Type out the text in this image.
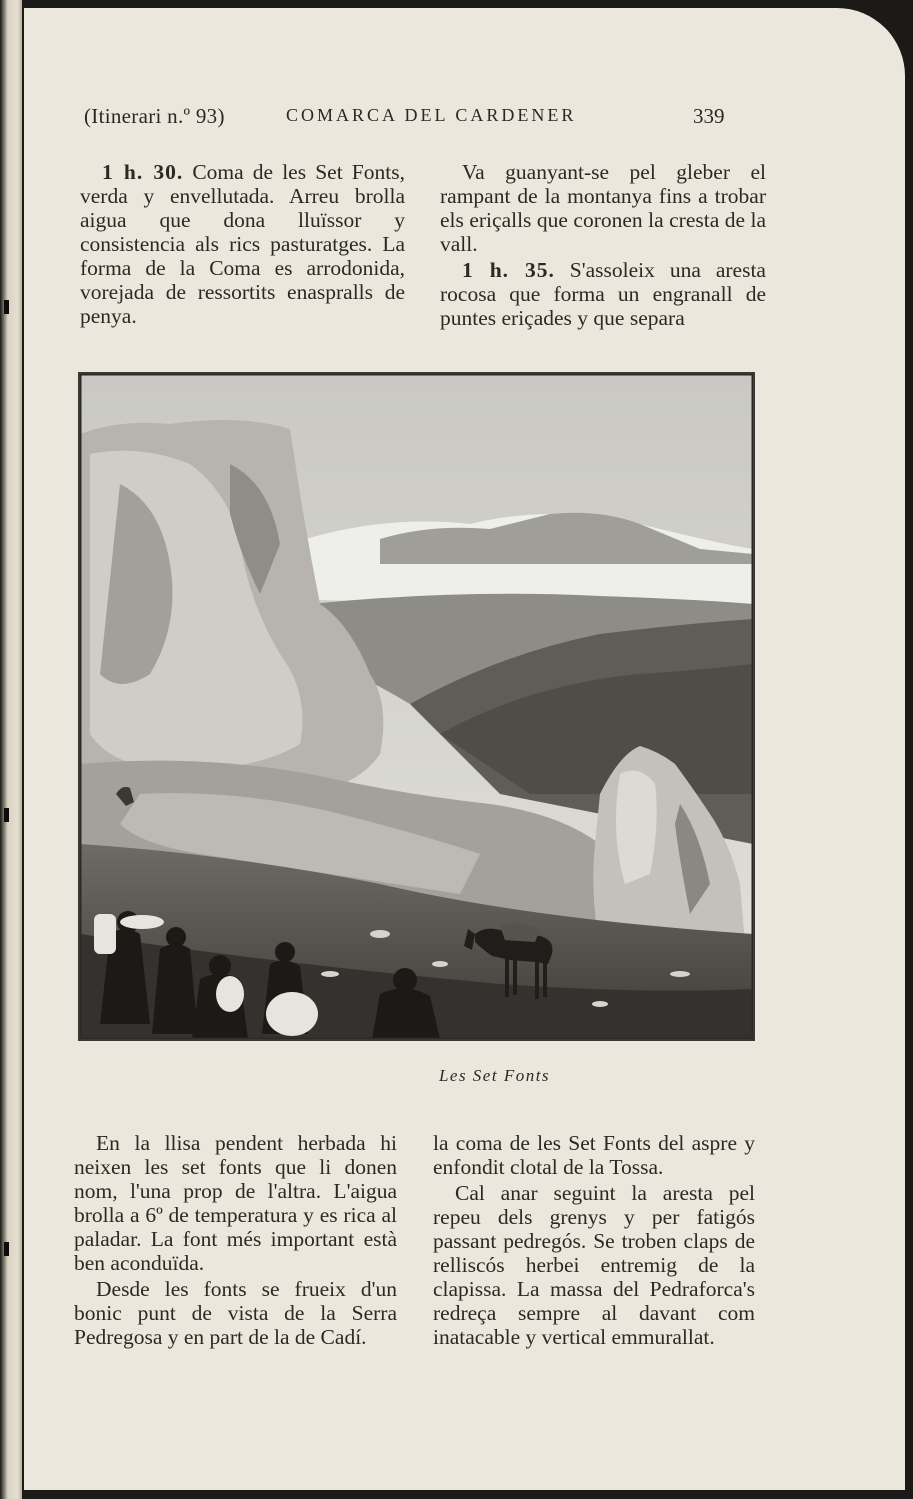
(Itinerari n.º 93)	COMARCA DEL CARDENER	339

1 h. 30. Coma de les Set Fonts, verda y envellutada. Arreu brolla aigua que dona lluïssor y consistencia als rics pasturatges. La forma de la Coma es arrodonida, vorejada de ressortits enaspralls de penya.

Va guanyant-se pel gleber el rampant de la montanya fins a trobar els eriçalls que coronen la cresta de la vall.

1 h. 35. S'assoleix una aresta rocosa que forma un engranall de puntes eriçades y que separa

Les Set Fonts

En la llisa pendent herbada hi neixen les set fonts que li donen nom, l'una prop de l'altra. L'aigua brolla a 6º de temperatura y es rica al paladar. La font més important està ben aconduïda.

Desde les fonts se frueix d'un bonic punt de vista de la Serra Pedregosa y en part de la de Cadí.

la coma de les Set Fonts del aspre y enfondit clotal de la Tossa.

Cal anar seguint la aresta pel repeu dels grenys y per fatigós passant pedregós. Se troben claps de relliscós herbei entremig de la clapissa. La massa del Pedraforca's redreça sempre al davant com inatacable y vertical emmurallat.
